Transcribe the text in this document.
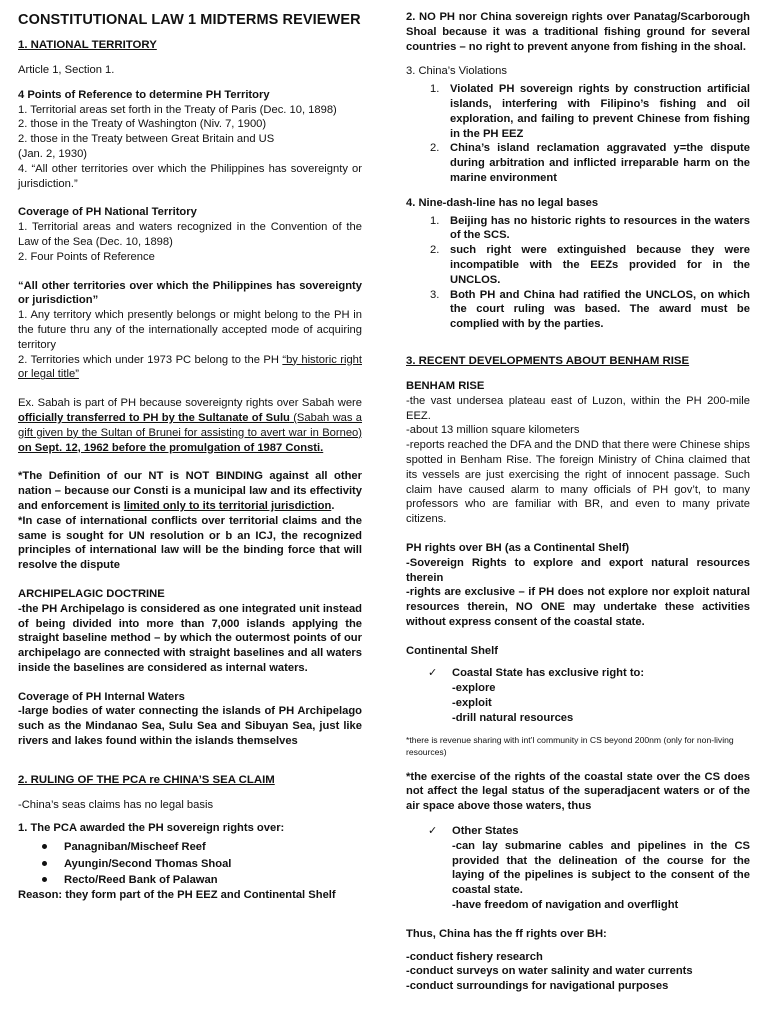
CONSTITUTIONAL LAW 1 MIDTERMS REVIEWER

1. NATIONAL TERRITORY

Article 1, Section 1.

4 Points of Reference to determine PH Territory

1. Territorial areas set forth in the Treaty of Paris (Dec. 10, 1898)

2. those in the Treaty of Washington (Niv. 7, 1900)

2. those in the Treaty between Great Britain and US

(Jan. 2, 1930)

4. “All other territories over which the Philippines has sovereignty or jurisdiction.”

Coverage of PH National Territory

1. Territorial areas and waters recognized in the Convention of the Law of the Sea (Dec. 10, 1898)

2. Four Points of Reference

“All other territories over which the Philippines has sovereignty or jurisdiction”

1. Any territory which presently belongs or might belong to the PH in the future thru any of the internationally accepted mode of acquiring territory

2. Territories which under 1973 PC belong to the PH “by historic right or legal title”

Ex. Sabah is part of PH because sovereignty rights over Sabah were officially transferred to PH by the Sultanate of Sulu (Sabah was a gift given by the Sultan of Brunei for assisting to avert war in Borneo) on Sept. 12, 1962 before the promulgation of 1987 Consti.

*The Definition of our NT is NOT BINDING against all other nation – because our Consti is a municipal law and its effectivity and enforcement is limited only to its territorial jurisdiction.

*In case of international conflicts over territorial claims and the same is sought for UN resolution or b an ICJ, the recognized principles of international law will be the binding force that will resolve the dispute

ARCHIPELAGIC DOCTRINE

-the PH Archipelago is considered as one integrated unit instead of being divided into more than 7,000 islands applying the straight baseline method – by which the outermost points of our archipelago are connected with straight baselines and all waters inside the baselines are considered as internal waters.

Coverage of PH Internal Waters

-large bodies of water connecting the islands of PH Archipelago such as the Mindanao Sea, Sulu Sea and Sibuyan Sea, just like rivers and lakes found within the islands themselves

2. RULING OF THE PCA re CHINA’S SEA CLAIM

-China’s seas claims has no legal basis

1. The PCA awarded the PH sovereign rights over:

Panagniban/Mischeef Reef
Ayungin/Second Thomas Shoal
Recto/Reed Bank of Palawan

Reason: they form part of the PH EEZ and Continental Shelf

2. NO PH nor China sovereign rights over Panatag/Scarborough Shoal because it was a traditional fishing ground for several countries – no right to prevent anyone from fishing in the shoal.

3. China’s Violations

1. Violated PH sovereign rights by construction artificial islands, interfering with Filipino’s fishing and oil exploration, and failing to prevent Chinese from fishing in the PH EEZ
2. China’s island reclamation aggravated y=the dispute during arbitration and inflicted irreparable harm on the marine environment

4. Nine-dash-line has no legal bases

1. Beijing has no historic rights to resources in the waters of the SCS.
2. such right were extinguished because they were incompatible with the EEZs provided for in the UNCLOS.
3. Both PH and China had ratified the UNCLOS, on which the court ruling was based. The award must be complied with by the parties.

3. RECENT DEVELOPMENTS ABOUT BENHAM RISE

BENHAM RISE

-the vast undersea plateau east of Luzon, within the PH 200-mile EEZ.

-about 13 million square kilometers

-reports reached the DFA and the DND that there were Chinese ships spotted in Benham Rise. The foreign Ministry of China claimed that its vessels are just exercising the right of innocent passage. Such claim have caused alarm to many officials of PH gov’t, to many professors who are familiar with BR, and even to many private citizens.

PH rights over BH (as a Continental Shelf)

-Sovereign Rights to explore and export natural resources therein

-rights are exclusive – if PH does not explore nor exploit natural resources therein, NO ONE may undertake these activities without express consent of the coastal state.

Continental Shelf

✓ Coastal State has exclusive right to:

-explore

-exploit

-drill natural resources

*there is revenue sharing with int’l community in CS beyond 200nm (only for non-living resources)

*the exercise of the rights of the coastal state over the CS does not affect the legal status of the superadjacent waters or of the air space above those waters, thus

✓ Other States

-can lay submarine cables and pipelines in the CS provided that the delineation of the course for the laying of the pipelines is subject to the consent of the coastal state.

-have freedom of navigation and overflight

Thus, China has the ff rights over BH:

-conduct fishery research

-conduct surveys on water salinity and water currents

-conduct surroundings for navigational purposes
